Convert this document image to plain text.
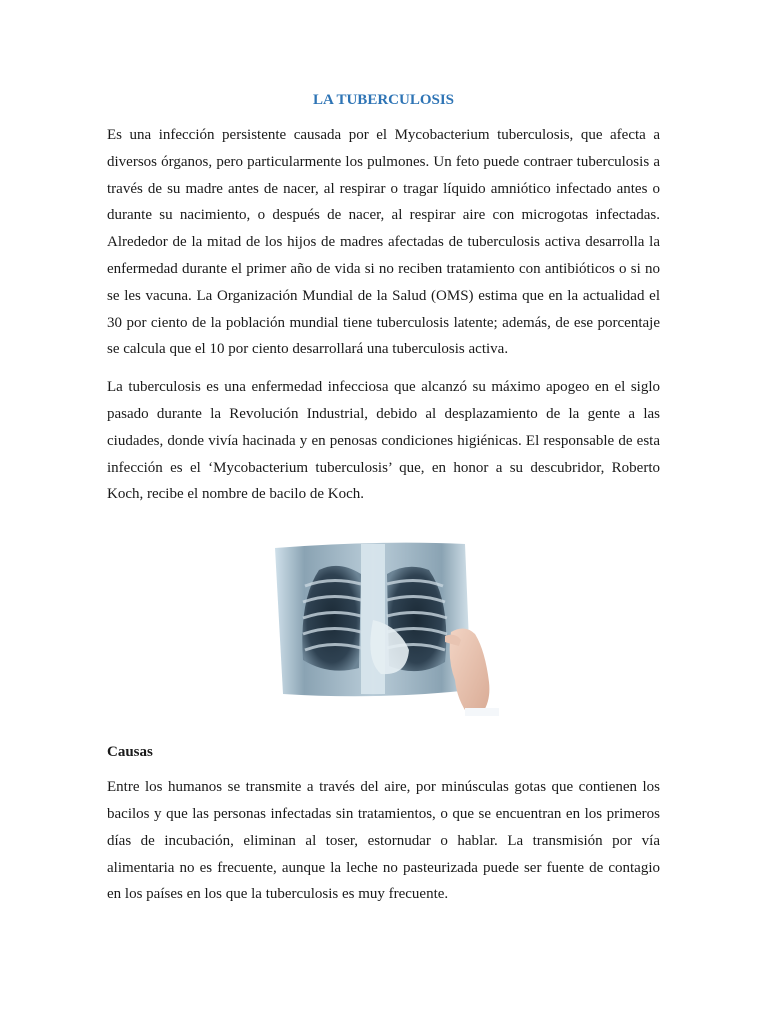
LA TUBERCULOSIS

Es una infección persistente causada por el Mycobacterium tuberculosis, que afecta a diversos órganos, pero particularmente los pulmones. Un feto puede contraer tuberculosis a través de su madre antes de nacer, al respirar o tragar líquido amniótico infectado antes o durante su nacimiento, o después de nacer, al respirar aire con microgotas infectadas. Alrededor de la mitad de los hijos de madres afectadas de tuberculosis activa desarrolla la enfermedad durante el primer año de vida si no reciben tratamiento con antibióticos o si no se les vacuna. La Organización Mundial de la Salud (OMS) estima que en la actualidad el 30 por ciento de la población mundial tiene tuberculosis latente; además, de ese porcentaje se calcula que el 10 por ciento desarrollará una tuberculosis activa.

La tuberculosis es una enfermedad infecciosa que alcanzó su máximo apogeo en el siglo pasado durante la Revolución Industrial, debido al desplazamiento de la gente a las ciudades, donde vivía hacinada y en penosas condiciones higiénicas. El responsable de esta infección es el ‘Mycobacterium tuberculosis’ que, en honor a su descubridor, Roberto Koch, recibe el nombre de bacilo de Koch.

Causas

Entre los humanos se transmite a través del aire, por minúsculas gotas que contienen los bacilos y que las personas infectadas sin tratamientos, o que se encuentran en los primeros días de incubación, eliminan al toser, estornudar o hablar. La transmisión por vía alimentaria no es frecuente, aunque la leche no pasteurizada puede ser fuente de contagio en los países en los que la tuberculosis es muy frecuente.
